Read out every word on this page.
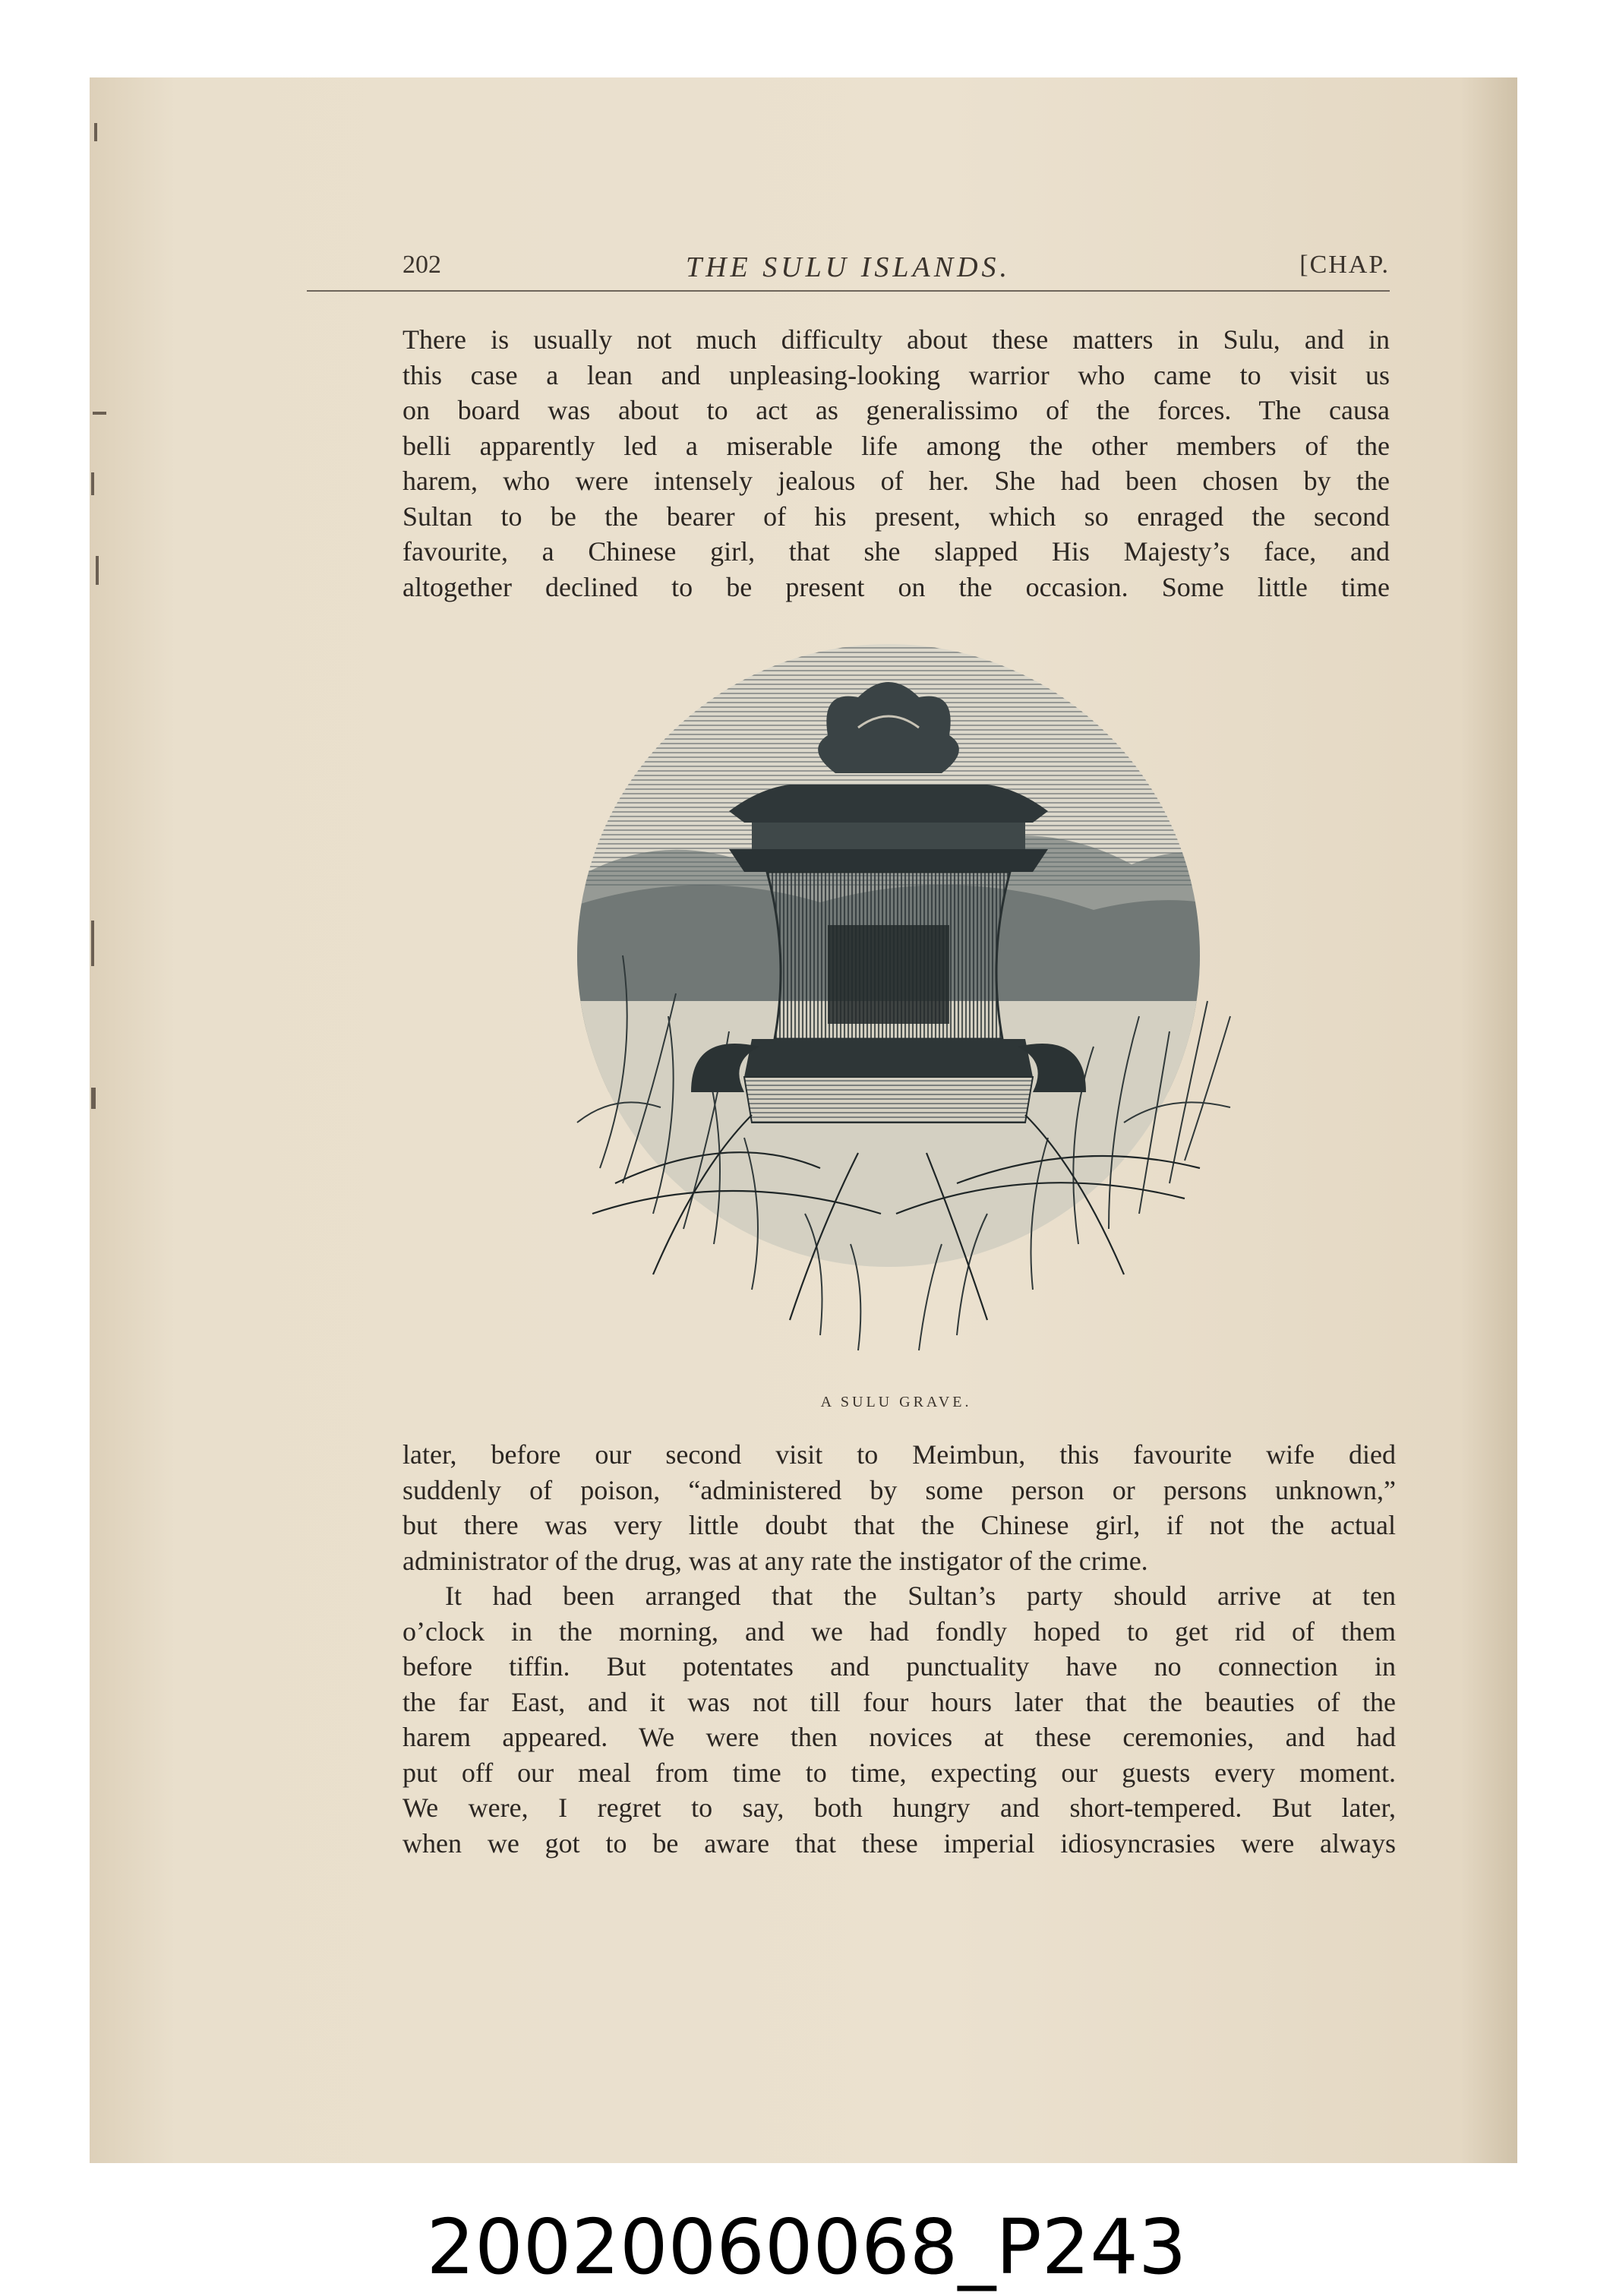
202	THE SULU ISLANDS.	[CHAP.

There is usually not much difficulty about these matters in Sulu, and in
this case a lean and unpleasing-looking warrior who came to visit us
on board was about to act as generalissimo of the forces. The causa
belli apparently led a miserable life among the other members of the
harem, who were intensely jealous of her. She had been chosen by the
Sultan to be the bearer of his present, which so enraged the second
favourite, a Chinese girl, that she slapped His Majesty’s face, and
altogether declined to be present on the occasion. Some little time

A SULU GRAVE.

later, before our second visit to Meimbun, this favourite wife died
suddenly of poison, “administered by some person or persons unknown,”
but there was very little doubt that the Chinese girl, if not the actual
administrator of the drug, was at any rate the instigator of the crime.

It had been arranged that the Sultan’s party should arrive at ten
o’clock in the morning, and we had fondly hoped to get rid of them
before tiffin. But potentates and punctuality have no connection in
the far East, and it was not till four hours later that the beauties of the
harem appeared. We were then novices at these ceremonies, and had
put off our meal from time to time, expecting our guests every moment.
We were, I regret to say, both hungry and short-tempered. But later,
when we got to be aware that these imperial idiosyncrasies were always

20020060068_P243
